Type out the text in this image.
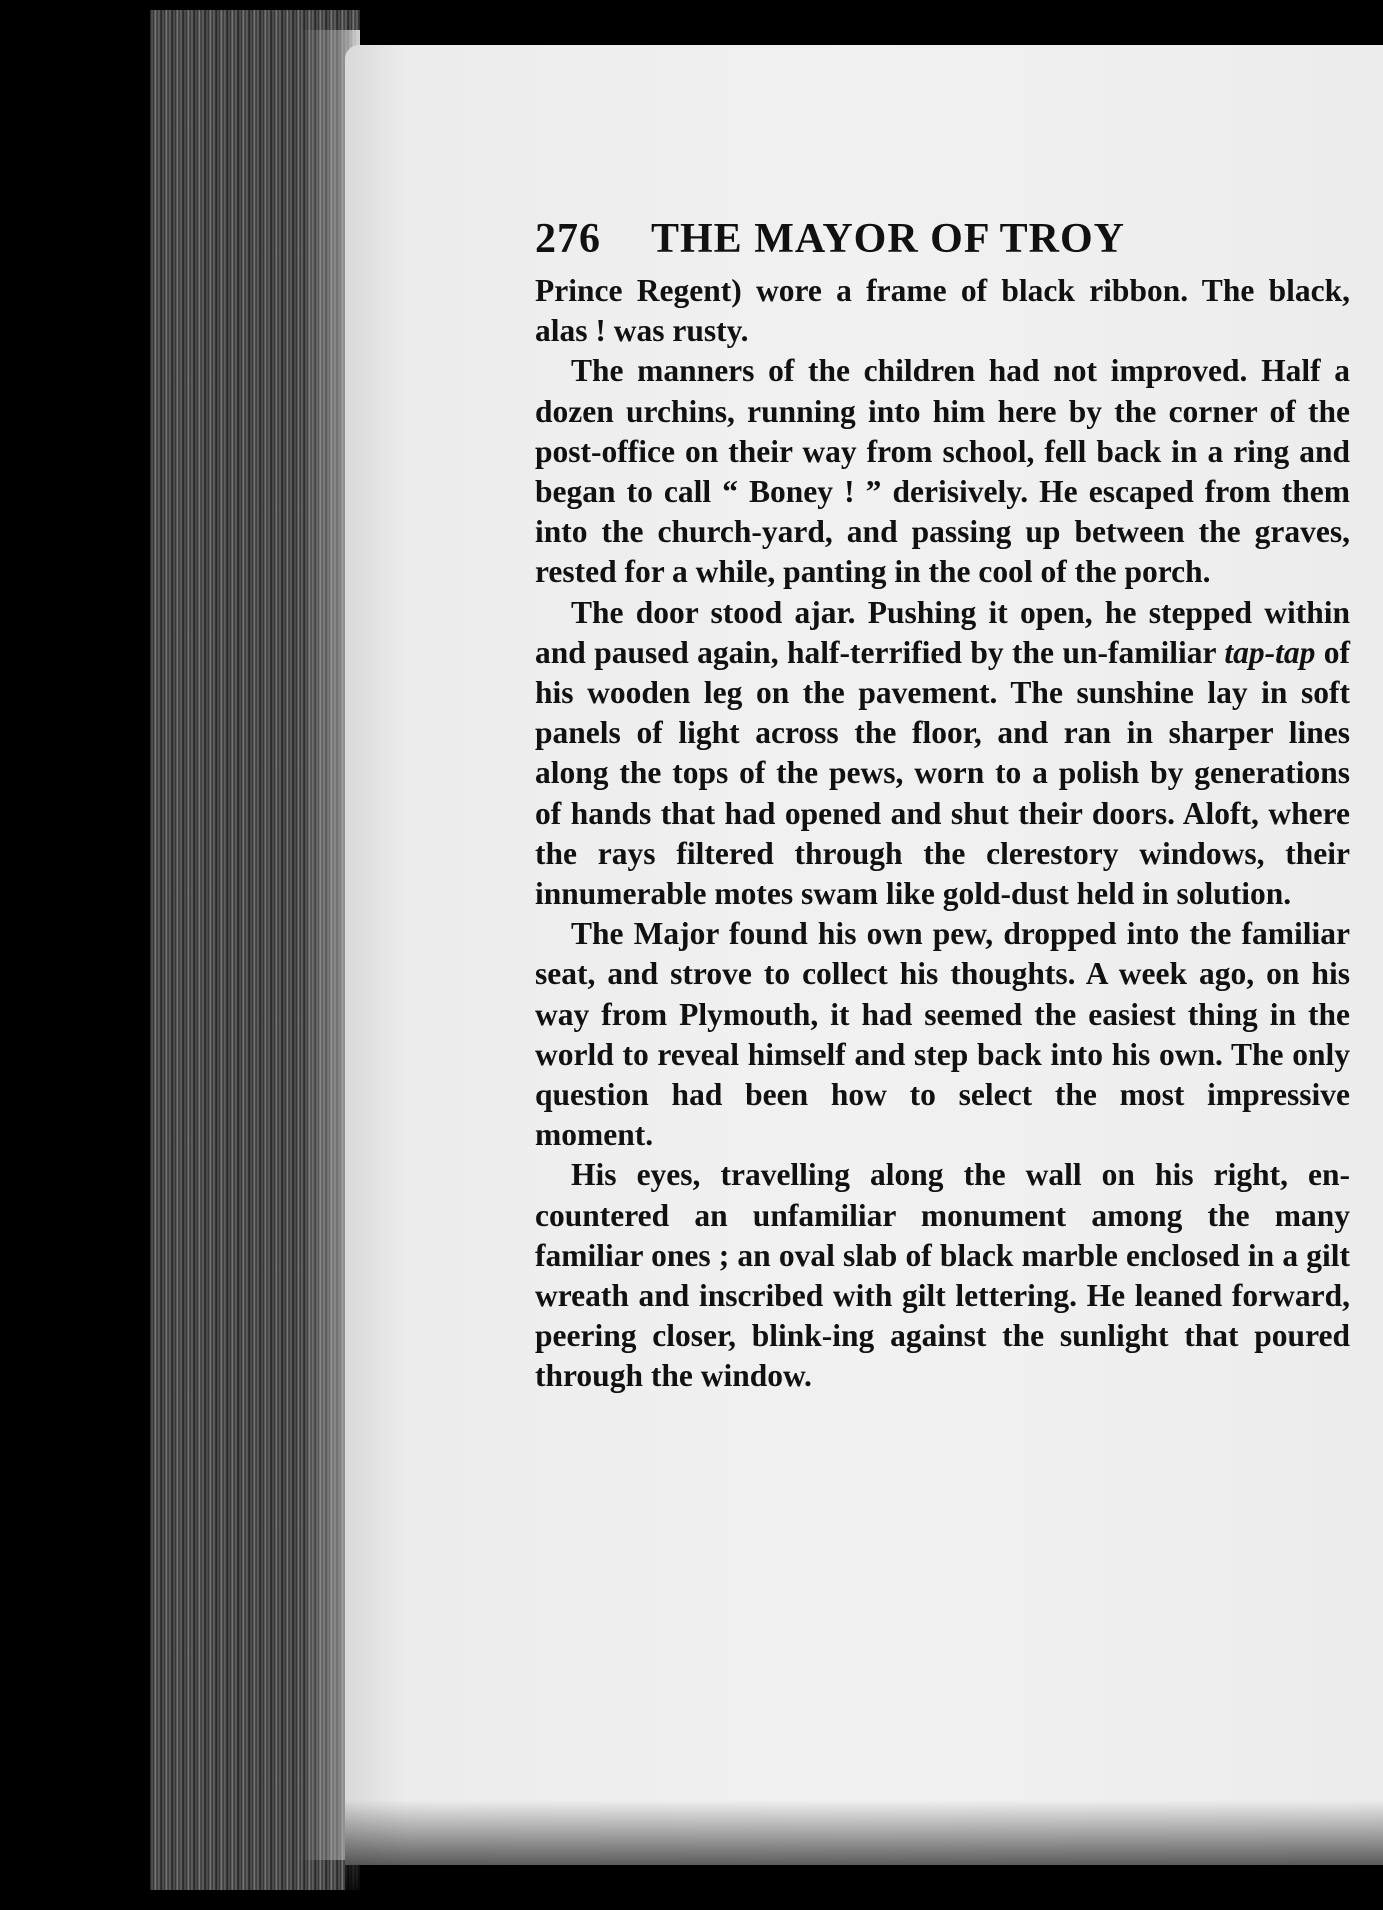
276 THE MAYOR OF TROY

Prince Regent) wore a frame of black ribbon. The black, alas ! was rusty.

The manners of the children had not improved. Half a dozen urchins, running into him here by the corner of the post-office on their way from school, fell back in a ring and began to call “ Boney ! ” derisively. He escaped from them into the church-yard, and passing up between the graves, rested for a while, panting in the cool of the porch.

The door stood ajar. Pushing it open, he stepped within and paused again, half-terrified by the un-familiar tap-tap of his wooden leg on the pavement. The sunshine lay in soft panels of light across the floor, and ran in sharper lines along the tops of the pews, worn to a polish by generations of hands that had opened and shut their doors. Aloft, where the rays filtered through the clerestory windows, their innumerable motes swam like gold-dust held in solution.

The Major found his own pew, dropped into the familiar seat, and strove to collect his thoughts. A week ago, on his way from Plymouth, it had seemed the easiest thing in the world to reveal himself and step back into his own. The only question had been how to select the most impressive moment.

His eyes, travelling along the wall on his right, en-countered an unfamiliar monument among the many familiar ones ; an oval slab of black marble enclosed in a gilt wreath and inscribed with gilt lettering. He leaned forward, peering closer, blink-ing against the sunlight that poured through the window.
